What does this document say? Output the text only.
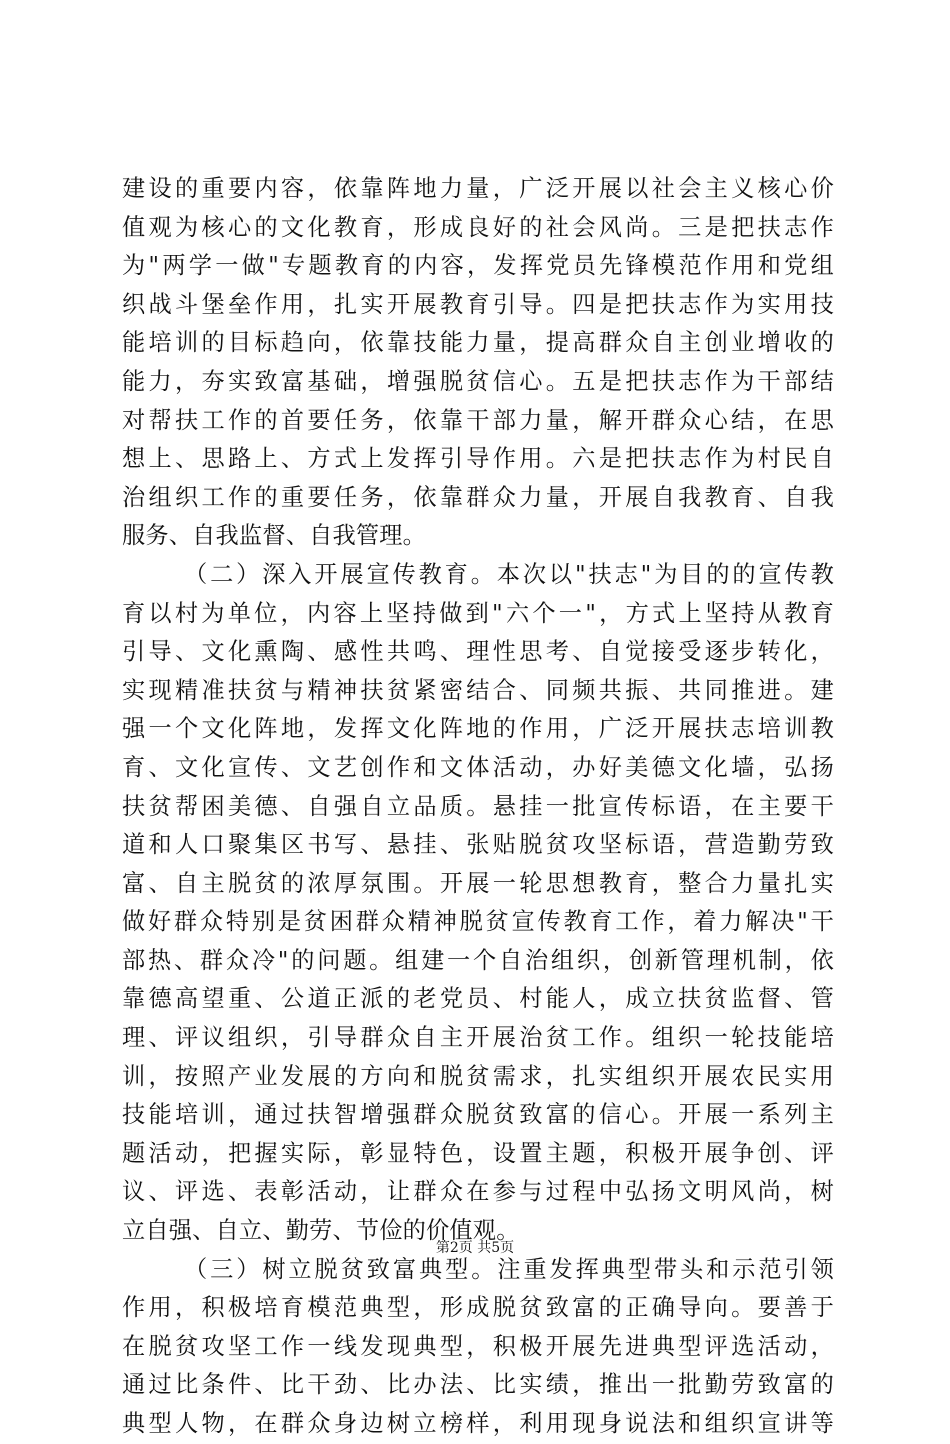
建设的重要内容，依靠阵地力量，广泛开展以社会主义核心价
值观为核心的文化教育，形成良好的社会风尚。三是把扶志作
为"两学一做"专题教育的内容，发挥党员先锋模范作用和党组
织战斗堡垒作用，扎实开展教育引导。四是把扶志作为实用技
能培训的目标趋向，依靠技能力量，提高群众自主创业增收的
能力，夯实致富基础，增强脱贫信心。五是把扶志作为干部结
对帮扶工作的首要任务，依靠干部力量，解开群众心结，在思
想上、思路上、方式上发挥引导作用。六是把扶志作为村民自
治组织工作的重要任务，依靠群众力量，开展自我教育、自我
服务、自我监督、自我管理。
（二）深入开展宣传教育。本次以"扶志"为目的的宣传教
育以村为单位，内容上坚持做到"六个一"，方式上坚持从教育
引导、文化熏陶、感性共鸣、理性思考、自觉接受逐步转化，
实现精准扶贫与精神扶贫紧密结合、同频共振、共同推进。建
强一个文化阵地，发挥文化阵地的作用，广泛开展扶志培训教
育、文化宣传、文艺创作和文体活动，办好美德文化墙，弘扬
扶贫帮困美德、自强自立品质。悬挂一批宣传标语，在主要干
道和人口聚集区书写、悬挂、张贴脱贫攻坚标语，营造勤劳致
富、自主脱贫的浓厚氛围。开展一轮思想教育，整合力量扎实
做好群众特别是贫困群众精神脱贫宣传教育工作，着力解决"干
部热、群众冷"的问题。组建一个自治组织，创新管理机制，依
靠德高望重、公道正派的老党员、村能人，成立扶贫监督、管
理、评议组织，引导群众自主开展治贫工作。组织一轮技能培
训，按照产业发展的方向和脱贫需求，扎实组织开展农民实用
技能培训，通过扶智增强群众脱贫致富的信心。开展一系列主
题活动，把握实际，彰显特色，设置主题，积极开展争创、评
议、评选、表彰活动，让群众在参与过程中弘扬文明风尚，树
立自强、自立、勤劳、节俭的价值观。
（三）树立脱贫致富典型。注重发挥典型带头和示范引领
作用，积极培育模范典型，形成脱贫致富的正确导向。要善于
在脱贫攻坚工作一线发现典型，积极开展先进典型评选活动，
通过比条件、比干劲、比办法、比实绩，推出一批勤劳致富的
典型人物，在群众身边树立榜样，利用现身说法和组织宣讲等
第2页 共5页
